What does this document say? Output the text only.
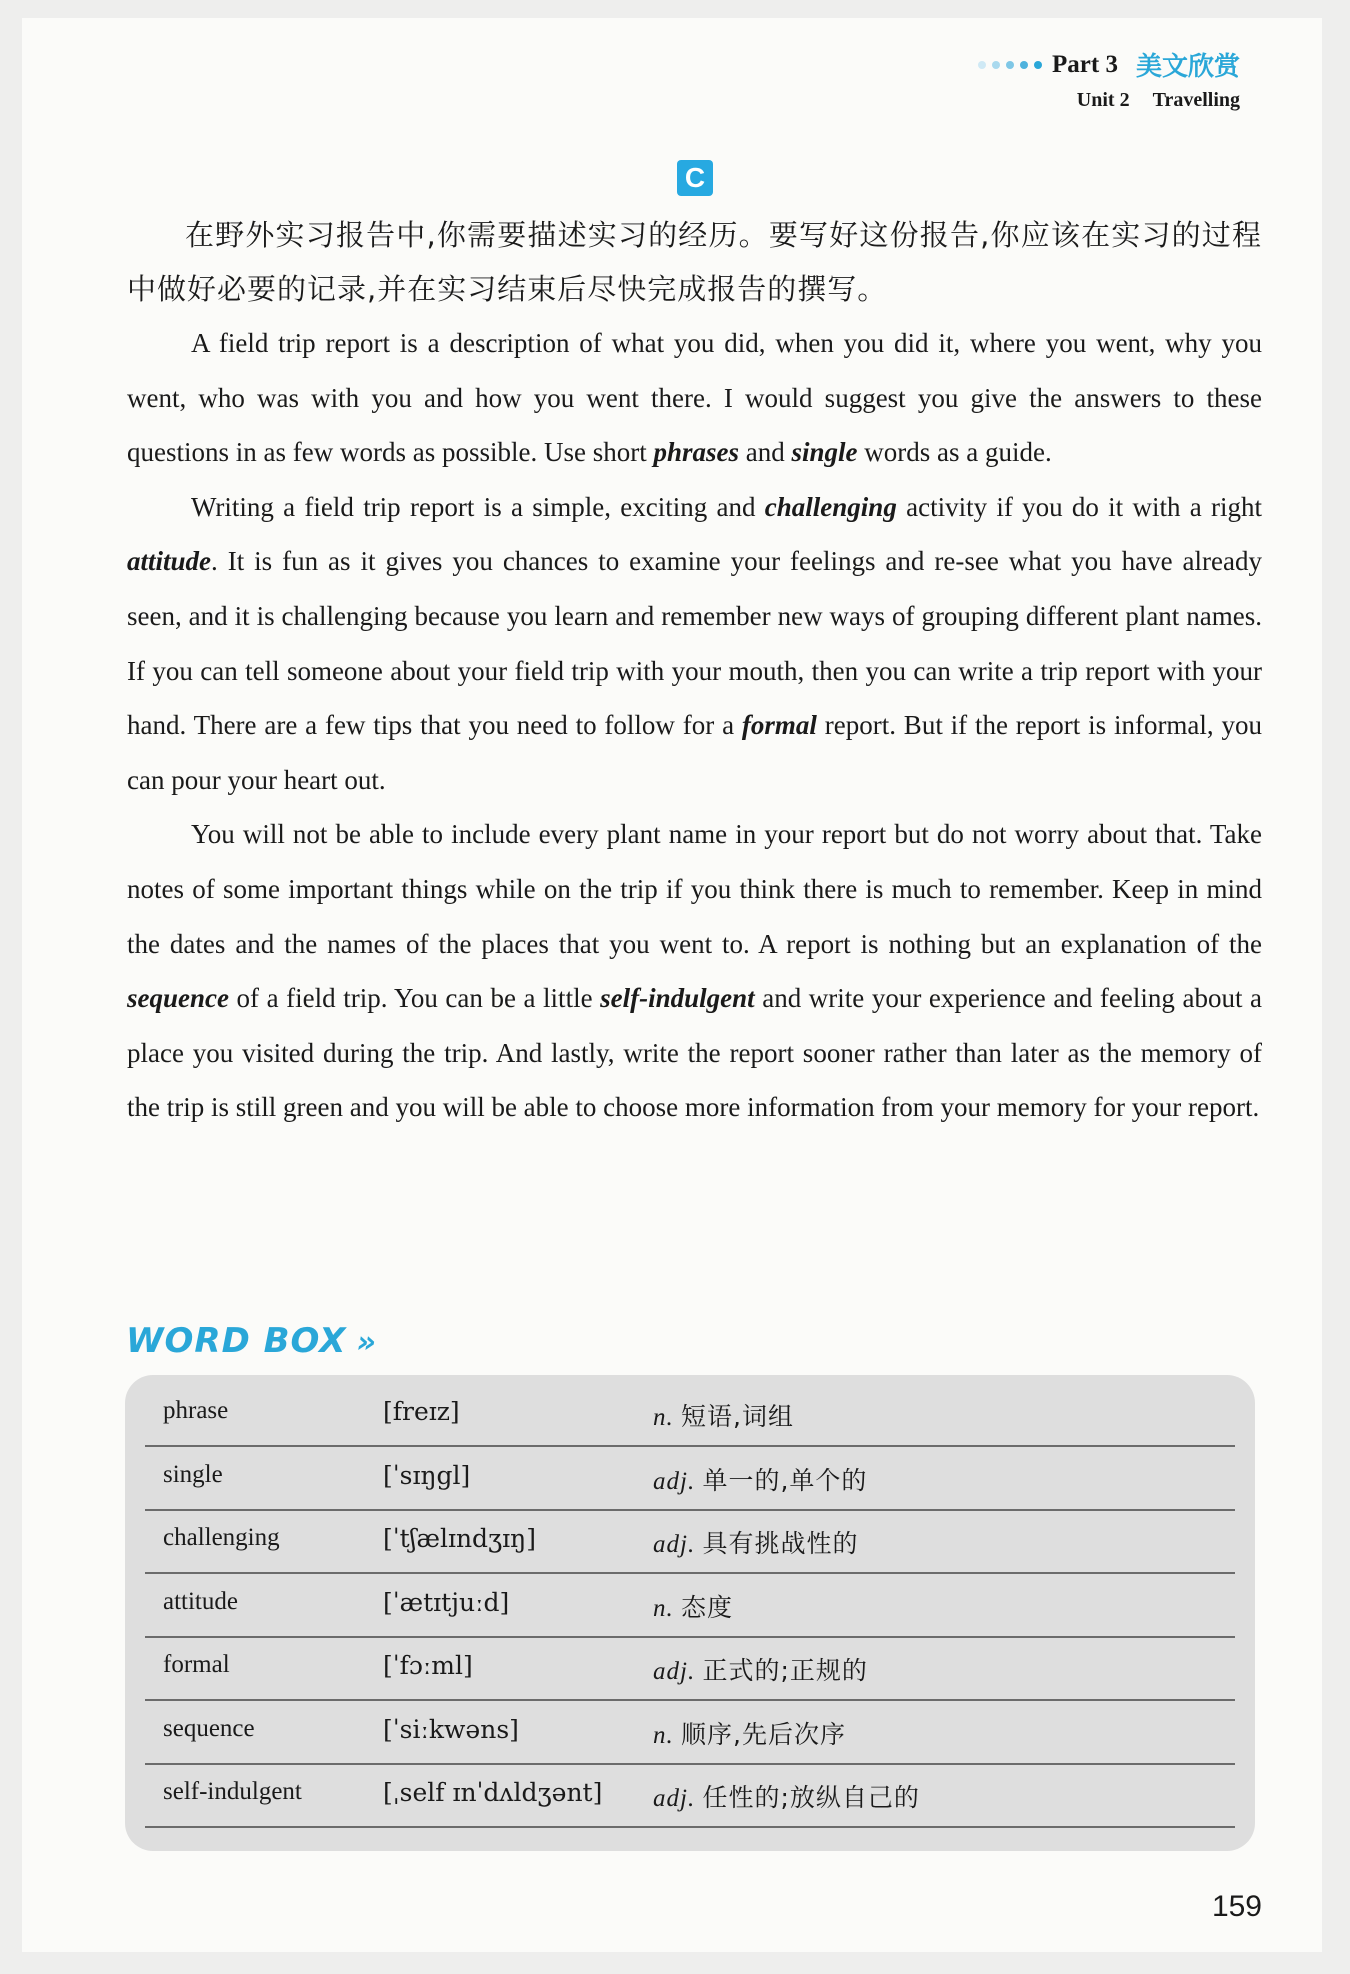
Part 3 美文欣赏
Unit 2 Travelling
C

在野外实习报告中,你需要描述实习的经历。要写好这份报告,你应该在实习的过程中做好必要的记录,并在实习结束后尽快完成报告的撰写。

A field trip report is a description of what you did, when you did it, where you went, why you went, who was with you and how you went there. I would suggest you give the answers to these questions in as few words as possible. Use short phrases and single words as a guide.

Writing a field trip report is a simple, exciting and challenging activity if you do it with a right attitude. It is fun as it gives you chances to examine your feelings and re-see what you have already seen, and it is challenging because you learn and remember new ways of grouping different plant names. If you can tell someone about your field trip with your mouth, then you can write a trip report with your hand. There are a few tips that you need to follow for a formal report. But if the report is informal, you can pour your heart out.

You will not be able to include every plant name in your report but do not worry about that. Take notes of some important things while on the trip if you think there is much to remember. Keep in mind the dates and the names of the places that you went to. A report is nothing but an explanation of the sequence of a field trip. You can be a little self-indulgent and write your experience and feeling about a place you visited during the trip. And lastly, write the report sooner rather than later as the memory of the trip is still green and you will be able to choose more information from your memory for your report.

WORD BOX »
phrase	[freɪz]	n. 短语,词组
single	[ˈsɪŋgl]	adj. 单一的,单个的
challenging	[ˈtʃælɪndʒɪŋ]	adj. 具有挑战性的
attitude	[ˈætɪtjuːd]	n. 态度
formal	[ˈfɔːml]	adj. 正式的;正规的
sequence	[ˈsiːkwəns]	n. 顺序,先后次序
self-indulgent	[ˌself ɪnˈdʌldʒənt] adj. 任性的;放纵自己的
159
